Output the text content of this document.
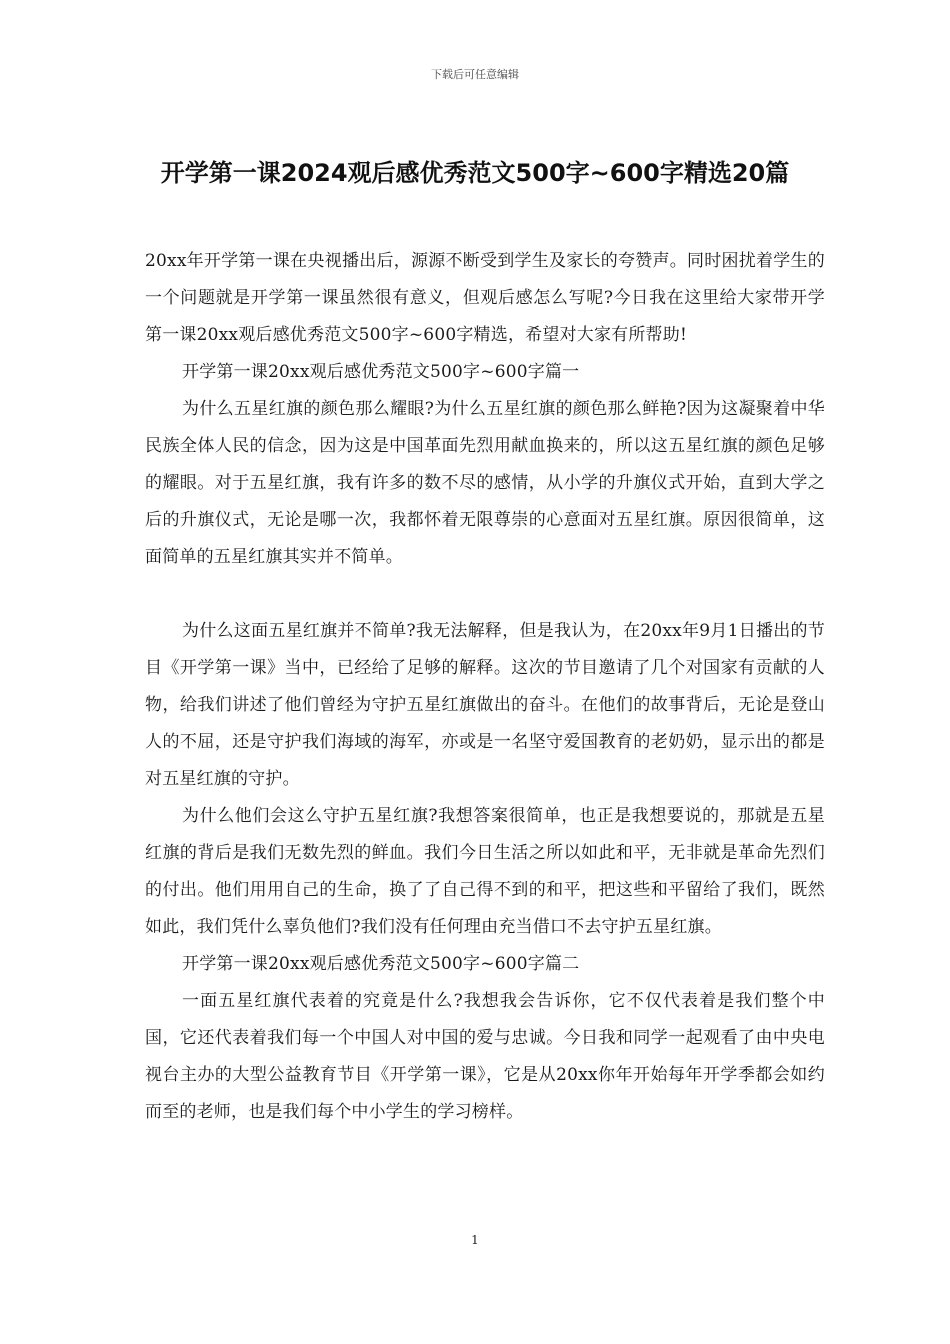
下载后可任意编辑
开学第一课2024观后感优秀范文500字~600字精选20篇

20xx年开学第一课在央视播出后，源源不断受到学生及家长的夸赞声。同时困扰着学生的一个问题就是开学第一课虽然很有意义，但观后感怎么写呢?今日我在这里给大家带开学第一课20xx观后感优秀范文500字~600字精选，希望对大家有所帮助!

开学第一课20xx观后感优秀范文500字~600字篇一

为什么五星红旗的颜色那么耀眼?为什么五星红旗的颜色那么鲜艳?因为这凝聚着中华民族全体人民的信念，因为这是中国革面先烈用献血换来的，所以这五星红旗的颜色足够的耀眼。对于五星红旗，我有许多的数不尽的感情，从小学的升旗仪式开始，直到大学之后的升旗仪式，无论是哪一次，我都怀着无限尊崇的心意面对五星红旗。原因很简单，这面简单的五星红旗其实并不简单。

为什么这面五星红旗并不简单?我无法解释，但是我认为，在20xx年9月1日播出的节目《开学第一课》当中，已经给了足够的解释。这次的节目邀请了几个对国家有贡献的人物，给我们讲述了他们曾经为守护五星红旗做出的奋斗。在他们的故事背后，无论是登山人的不屈，还是守护我们海域的海军，亦或是一名坚守爱国教育的老奶奶，显示出的都是对五星红旗的守护。

为什么他们会这么守护五星红旗?我想答案很简单，也正是我想要说的，那就是五星红旗的背后是我们无数先烈的鲜血。我们今日生活之所以如此和平，无非就是革命先烈们的付出。他们用用自己的生命，换了了自己得不到的和平，把这些和平留给了我们，既然如此，我们凭什么辜负他们?我们没有任何理由充当借口不去守护五星红旗。

开学第一课20xx观后感优秀范文500字~600字篇二

一面五星红旗代表着的究竟是什么?我想我会告诉你，它不仅代表着是我们整个中国，它还代表着我们每一个中国人对中国的爱与忠诚。今日我和同学一起观看了由中央电视台主办的大型公益教育节目《开学第一课》，它是从20xx你年开始每年开学季都会如约而至的老师，也是我们每个中小学生的学习榜样。

1
